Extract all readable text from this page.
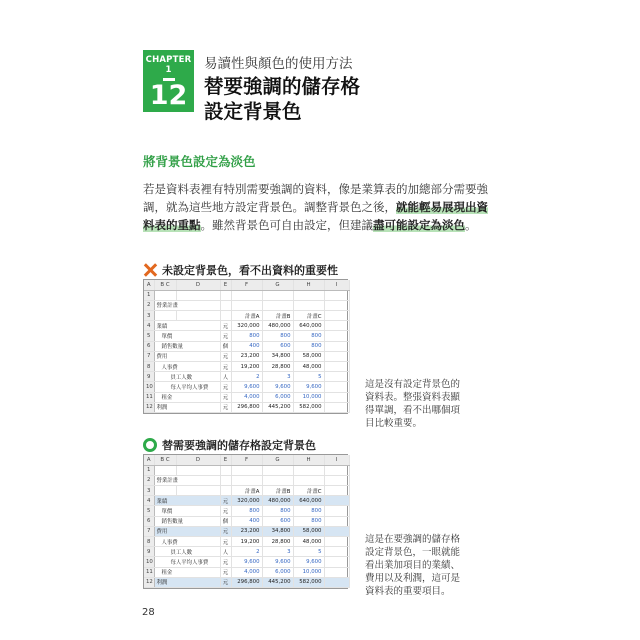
CHAPTER 1
12
易讀性與顏色的使用方法
替要強調的儲存格
設定背景色
將背景色設定為淡色
若是資料表裡有特別需要強調的資料，像是業算表的加總部分需要強調，就為這些地方設定背景色。調整背景色之後，就能輕易展現出資料表的重點。雖然背景色可自由設定，但建議盡可能設定為淡色。
未設定背景色，看不出資料的重要性
A	B C	D	E	F	G	H	I
1							
2	營業計畫						
3				計畫A	計畫B	計畫C	
4	業績		元	320,000	480,000	640,000	
5	單價		元	800	800	800	
6	銷售數量		個	400	600	800	
7	費用		元	23,200	34,800	58,000	
8	人事費		元	19,200	28,800	48,000	
9	員工人數		人	2	3	5	
10	每人平均人事費		元	9,600	9,600	9,600	
11	租金		元	4,000	6,000	10,000	
12	利潤		元	296,800	445,200	582,000	
這是沒有設定背景色的資料表。整張資料表顯得單調，看不出哪個項目比較重要。
替需要強調的儲存格設定背景色
A	B C	D	E	F	G	H	I
1							
2	營業計畫						
3				計畫A	計畫B	計畫C	
4	業績		元	320,000	480,000	640,000	
5	單價		元	800	800	800	
6	銷售數量		個	400	600	800	
7	費用		元	23,200	34,800	58,000	
8	人事費		元	19,200	28,800	48,000	
9	員工人數		人	2	3	5	
10	每人平均人事費		元	9,600	9,600	9,600	
11	租金		元	4,000	6,000	10,000	
12	利潤		元	296,800	445,200	582,000	
這是在要強調的儲存格設定背景色，一眼就能看出業加項目的業績、費用以及利潤，這可是資料表的重要項目。
28
